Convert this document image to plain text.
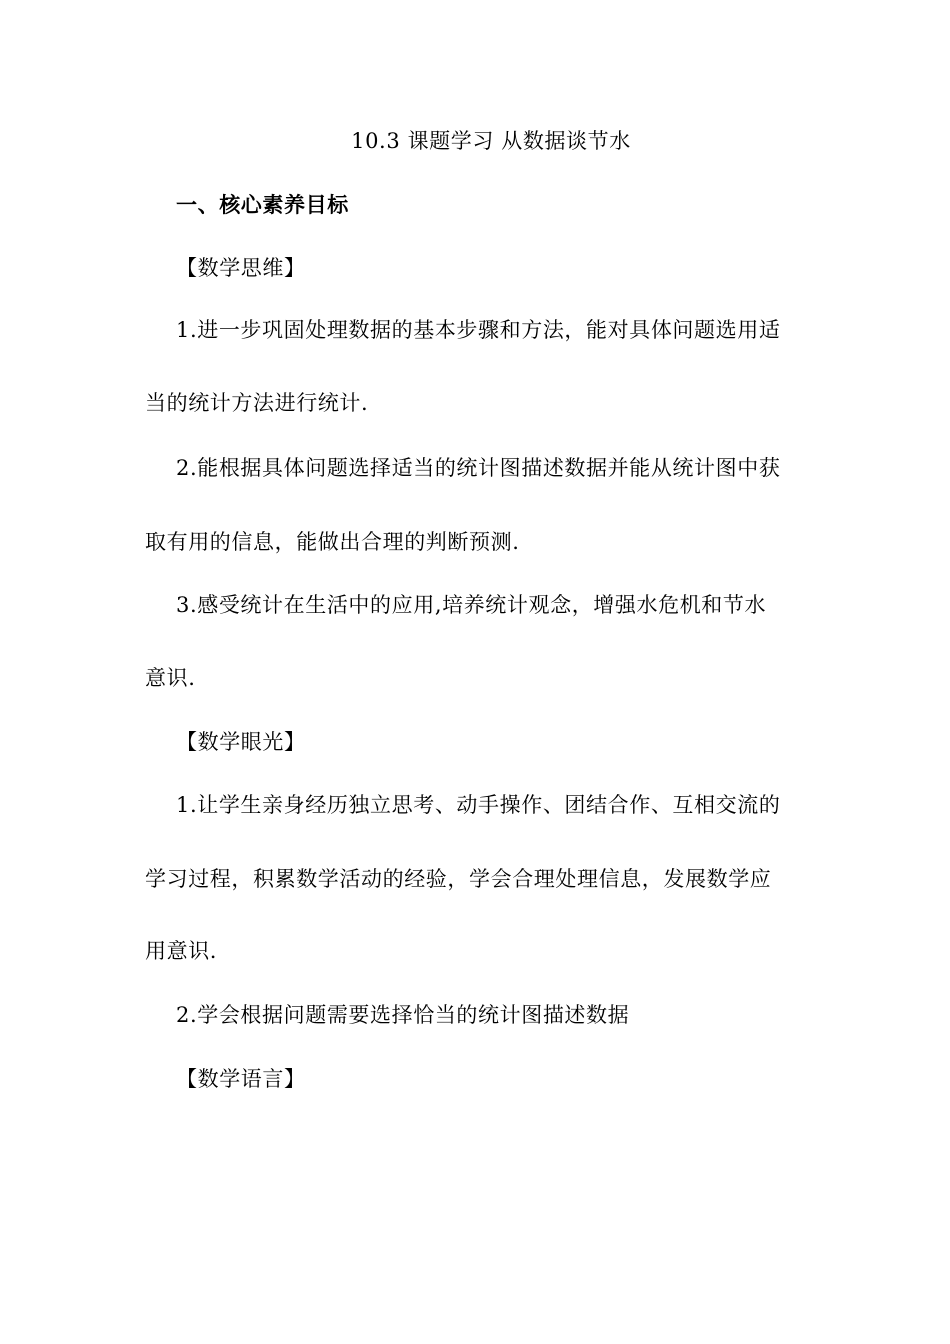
10.3 课题学习 从数据谈节水
一、核心素养目标
【数学思维】
1.进一步巩固处理数据的基本步骤和方法，能对具体问题选用适
当的统计方法进行统计.
2.能根据具体问题选择适当的统计图描述数据并能从统计图中获
取有用的信息，能做出合理的判断预测.
3.感受统计在生活中的应用,培养统计观念，增强水危机和节水
意识.
【数学眼光】
1.让学生亲身经历独立思考、动手操作、团结合作、互相交流的
学习过程，积累数学活动的经验，学会合理处理信息，发展数学应
用意识.
2.学会根据问题需要选择恰当的统计图描述数据
【数学语言】
